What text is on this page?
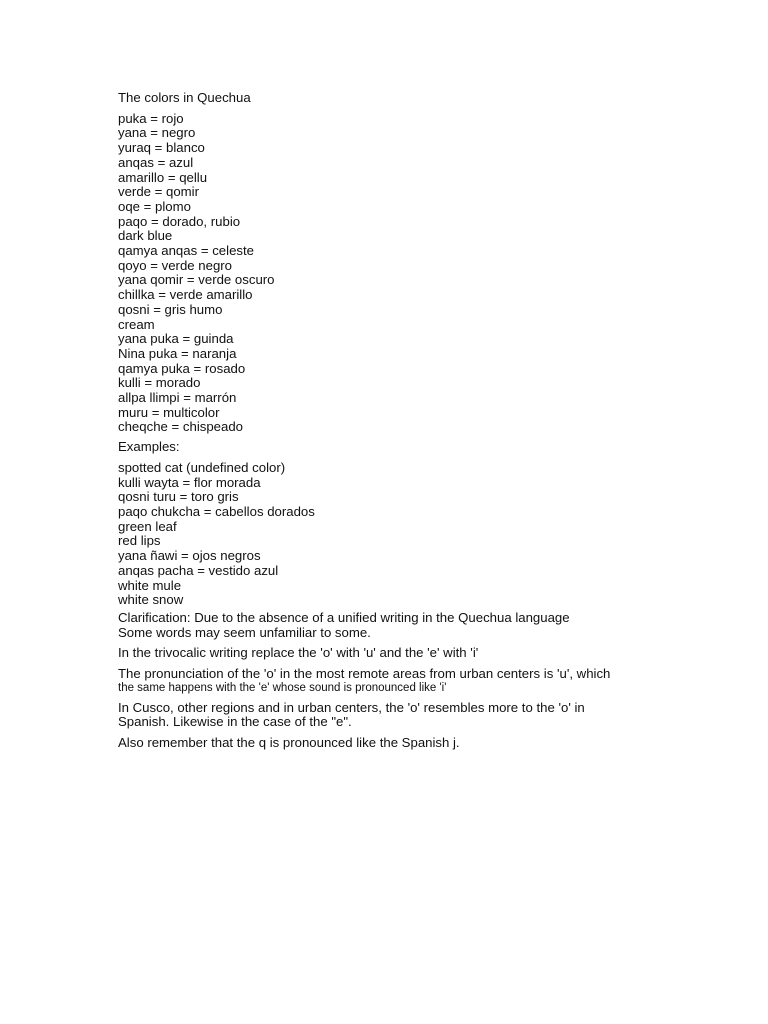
The colors in Quechua
puka = rojo
yana = negro
yuraq = blanco
anqas = azul
amarillo = qellu
verde = qomir
oqe = plomo
paqo = dorado, rubio
dark blue
qamya anqas = celeste
qoyo = verde negro
yana qomir = verde oscuro
chillka = verde amarillo
qosni = gris humo
cream
yana puka = guinda
Nina puka = naranja
qamya puka = rosado
kulli = morado
allpa llimpi = marrón
muru = multicolor
cheqche = chispeado
Examples:
spotted cat (undefined color)
kulli wayta = flor morada
qosni turu = toro gris
paqo chukcha = cabellos dorados
green leaf
red lips
yana ñawi = ojos negros
anqas pacha = vestido azul
white mule
white snow
Clarification: Due to the absence of a unified writing in the Quechua language
Some words may seem unfamiliar to some.
In the trivocalic writing replace the 'o' with 'u' and the 'e' with 'i'
The pronunciation of the 'o' in the most remote areas from urban centers is 'u', which
the same happens with the 'e' whose sound is pronounced like 'i'
In Cusco, other regions and in urban centers, the 'o' resembles more to the 'o' in
Spanish. Likewise in the case of the "e".
Also remember that the q is pronounced like the Spanish j.
